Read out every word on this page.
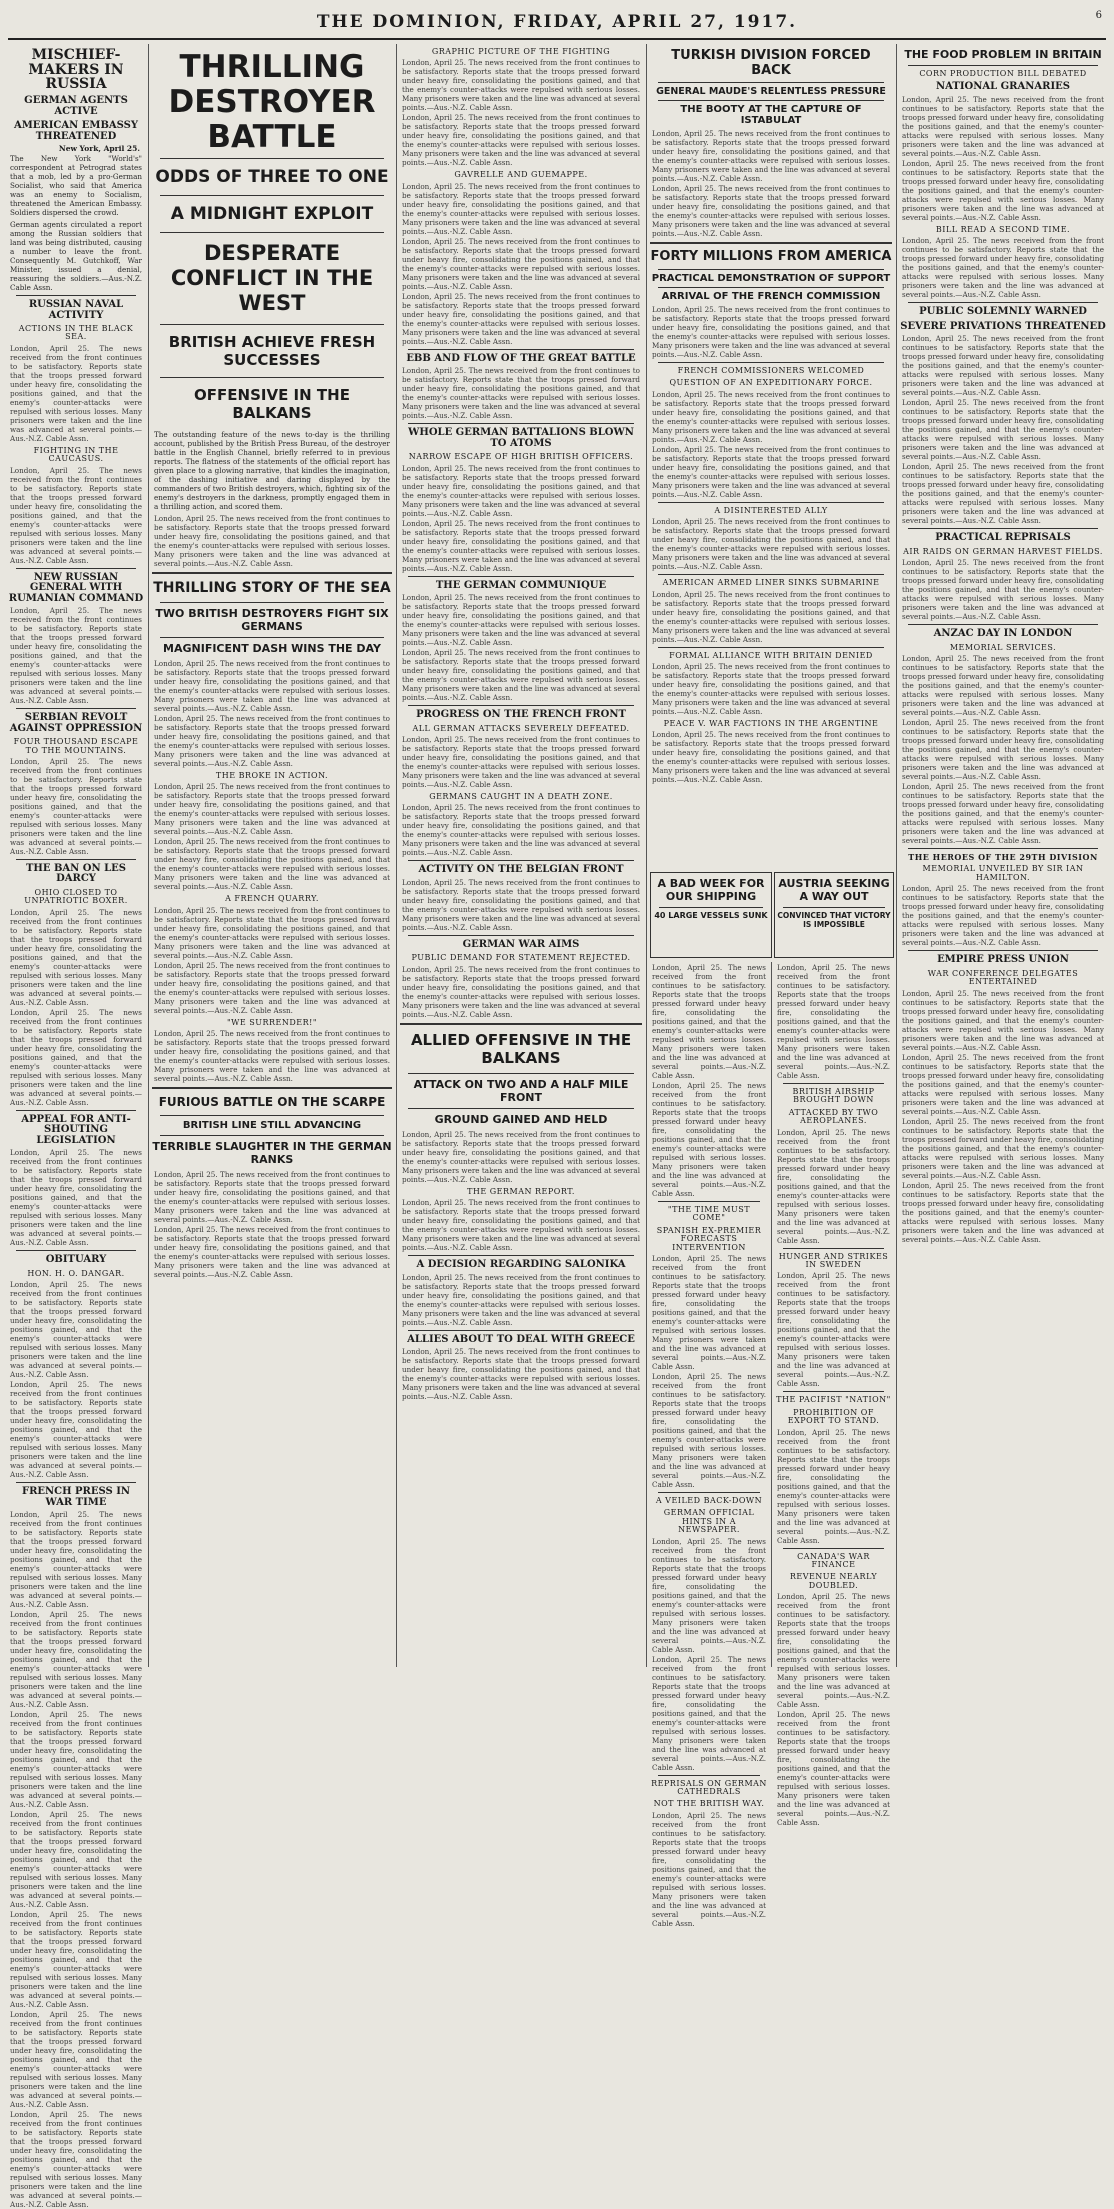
THE DOMINION, FRIDAY, APRIL 27, 1917.	6
MISCHIEF-MAKERS IN RUSSIA
GERMAN AGENTS ACTIVE
AMERICAN EMBASSY THREATENED
New York, April 25.
The New York "World's" correspondent at Petrograd states that a mob, led by a pro-German Socialist, who said that America was an enemy to Socialism, threatened the American Embassy. Soldiers dispersed the crowd.
German agents circulated a report among the Russian soldiers that land was being distributed, causing a number to leave the front. Consequently M. Gutchkoff, War Minister, issued a denial, reassuring the soldiers.—Aus.-N.Z. Cable Assn.
RUSSIAN NAVAL ACTIVITY
ACTIONS IN THE BLACK SEA.
London, April 25. The news received from the front continues to be satisfactory. Reports state that the troops pressed forward under heavy fire, consolidating the positions gained, and that the enemy's counter-attacks were repulsed with serious losses. Many prisoners were taken and the line was advanced at several points.—Aus.-N.Z. Cable Assn.
FIGHTING IN THE CAUCASUS.
London, April 25. The news received from the front continues to be satisfactory. Reports state that the troops pressed forward under heavy fire, consolidating the positions gained, and that the enemy's counter-attacks were repulsed with serious losses. Many prisoners were taken and the line was advanced at several points.—Aus.-N.Z. Cable Assn.
NEW RUSSIAN GENERAL WITH RUMANIAN COMMAND
London, April 25. The news received from the front continues to be satisfactory. Reports state that the troops pressed forward under heavy fire, consolidating the positions gained, and that the enemy's counter-attacks were repulsed with serious losses. Many prisoners were taken and the line was advanced at several points.—Aus.-N.Z. Cable Assn.
SERBIAN REVOLT AGAINST OPPRESSION
FOUR THOUSAND ESCAPE TO THE MOUNTAINS.
London, April 25. The news received from the front continues to be satisfactory. Reports state that the troops pressed forward under heavy fire, consolidating the positions gained, and that the enemy's counter-attacks were repulsed with serious losses. Many prisoners were taken and the line was advanced at several points.—Aus.-N.Z. Cable Assn.
THE BAN ON LES DARCY
OHIO CLOSED TO UNPATRIOTIC BOXER.
London, April 25. The news received from the front continues to be satisfactory. Reports state that the troops pressed forward under heavy fire, consolidating the positions gained, and that the enemy's counter-attacks were repulsed with serious losses. Many prisoners were taken and the line was advanced at several points.—Aus.-N.Z. Cable Assn.
London, April 25. The news received from the front continues to be satisfactory. Reports state that the troops pressed forward under heavy fire, consolidating the positions gained, and that the enemy's counter-attacks were repulsed with serious losses. Many prisoners were taken and the line was advanced at several points.—Aus.-N.Z. Cable Assn.
APPEAL FOR ANTI-SHOUTING LEGISLATION
London, April 25. The news received from the front continues to be satisfactory. Reports state that the troops pressed forward under heavy fire, consolidating the positions gained, and that the enemy's counter-attacks were repulsed with serious losses. Many prisoners were taken and the line was advanced at several points.—Aus.-N.Z. Cable Assn.
OBITUARY
HON. H. O. DANGAR.
London, April 25. The news received from the front continues to be satisfactory. Reports state that the troops pressed forward under heavy fire, consolidating the positions gained, and that the enemy's counter-attacks were repulsed with serious losses. Many prisoners were taken and the line was advanced at several points.—Aus.-N.Z. Cable Assn.
London, April 25. The news received from the front continues to be satisfactory. Reports state that the troops pressed forward under heavy fire, consolidating the positions gained, and that the enemy's counter-attacks were repulsed with serious losses. Many prisoners were taken and the line was advanced at several points.—Aus.-N.Z. Cable Assn.
FRENCH PRESS IN WAR TIME
London, April 25. The news received from the front continues to be satisfactory. Reports state that the troops pressed forward under heavy fire, consolidating the positions gained, and that the enemy's counter-attacks were repulsed with serious losses. Many prisoners were taken and the line was advanced at several points.—Aus.-N.Z. Cable Assn.
London, April 25. The news received from the front continues to be satisfactory. Reports state that the troops pressed forward under heavy fire, consolidating the positions gained, and that the enemy's counter-attacks were repulsed with serious losses. Many prisoners were taken and the line was advanced at several points.—Aus.-N.Z. Cable Assn.
London, April 25. The news received from the front continues to be satisfactory. Reports state that the troops pressed forward under heavy fire, consolidating the positions gained, and that the enemy's counter-attacks were repulsed with serious losses. Many prisoners were taken and the line was advanced at several points.—Aus.-N.Z. Cable Assn.
London, April 25. The news received from the front continues to be satisfactory. Reports state that the troops pressed forward under heavy fire, consolidating the positions gained, and that the enemy's counter-attacks were repulsed with serious losses. Many prisoners were taken and the line was advanced at several points.—Aus.-N.Z. Cable Assn.
London, April 25. The news received from the front continues to be satisfactory. Reports state that the troops pressed forward under heavy fire, consolidating the positions gained, and that the enemy's counter-attacks were repulsed with serious losses. Many prisoners were taken and the line was advanced at several points.—Aus.-N.Z. Cable Assn.
London, April 25. The news received from the front continues to be satisfactory. Reports state that the troops pressed forward under heavy fire, consolidating the positions gained, and that the enemy's counter-attacks were repulsed with serious losses. Many prisoners were taken and the line was advanced at several points.—Aus.-N.Z. Cable Assn.
London, April 25. The news received from the front continues to be satisfactory. Reports state that the troops pressed forward under heavy fire, consolidating the positions gained, and that the enemy's counter-attacks were repulsed with serious losses. Many prisoners were taken and the line was advanced at several points.—Aus.-N.Z. Cable Assn.
THRILLING DESTROYER BATTLE
ODDS OF THREE TO ONE
A MIDNIGHT EXPLOIT
DESPERATE CONFLICT IN THE WEST
BRITISH ACHIEVE FRESH SUCCESSES
OFFENSIVE IN THE BALKANS
The outstanding feature of the news to-day is the thrilling account, published by the British Press Bureau, of the destroyer battle in the English Channel, briefly referred to in previous reports. The flatness of the statements of the official report has given place to a glowing narrative, that kindles the imagination, of the dashing initiative and daring displayed by the commanders of two British destroyers, which, fighting six of the enemy's destroyers in the darkness, promptly engaged them in a thrilling action, and scored them.
London, April 25. The news received from the front continues to be satisfactory. Reports state that the troops pressed forward under heavy fire, consolidating the positions gained, and that the enemy's counter-attacks were repulsed with serious losses. Many prisoners were taken and the line was advanced at several points.—Aus.-N.Z. Cable Assn.
THRILLING STORY OF THE SEA
TWO BRITISH DESTROYERS FIGHT SIX GERMANS
MAGNIFICENT DASH WINS THE DAY
London, April 25. The news received from the front continues to be satisfactory. Reports state that the troops pressed forward under heavy fire, consolidating the positions gained, and that the enemy's counter-attacks were repulsed with serious losses. Many prisoners were taken and the line was advanced at several points.—Aus.-N.Z. Cable Assn.
London, April 25. The news received from the front continues to be satisfactory. Reports state that the troops pressed forward under heavy fire, consolidating the positions gained, and that the enemy's counter-attacks were repulsed with serious losses. Many prisoners were taken and the line was advanced at several points.—Aus.-N.Z. Cable Assn.
THE BROKE IN ACTION.
London, April 25. The news received from the front continues to be satisfactory. Reports state that the troops pressed forward under heavy fire, consolidating the positions gained, and that the enemy's counter-attacks were repulsed with serious losses. Many prisoners were taken and the line was advanced at several points.—Aus.-N.Z. Cable Assn.
London, April 25. The news received from the front continues to be satisfactory. Reports state that the troops pressed forward under heavy fire, consolidating the positions gained, and that the enemy's counter-attacks were repulsed with serious losses. Many prisoners were taken and the line was advanced at several points.—Aus.-N.Z. Cable Assn.
A FRENCH QUARRY.
London, April 25. The news received from the front continues to be satisfactory. Reports state that the troops pressed forward under heavy fire, consolidating the positions gained, and that the enemy's counter-attacks were repulsed with serious losses. Many prisoners were taken and the line was advanced at several points.—Aus.-N.Z. Cable Assn.
London, April 25. The news received from the front continues to be satisfactory. Reports state that the troops pressed forward under heavy fire, consolidating the positions gained, and that the enemy's counter-attacks were repulsed with serious losses. Many prisoners were taken and the line was advanced at several points.—Aus.-N.Z. Cable Assn.
"WE SURRENDER!"
London, April 25. The news received from the front continues to be satisfactory. Reports state that the troops pressed forward under heavy fire, consolidating the positions gained, and that the enemy's counter-attacks were repulsed with serious losses. Many prisoners were taken and the line was advanced at several points.—Aus.-N.Z. Cable Assn.
FURIOUS BATTLE ON THE SCARPE
BRITISH LINE STILL ADVANCING
TERRIBLE SLAUGHTER IN THE GERMAN RANKS
London, April 25. The news received from the front continues to be satisfactory. Reports state that the troops pressed forward under heavy fire, consolidating the positions gained, and that the enemy's counter-attacks were repulsed with serious losses. Many prisoners were taken and the line was advanced at several points.—Aus.-N.Z. Cable Assn.
London, April 25. The news received from the front continues to be satisfactory. Reports state that the troops pressed forward under heavy fire, consolidating the positions gained, and that the enemy's counter-attacks were repulsed with serious losses. Many prisoners were taken and the line was advanced at several points.—Aus.-N.Z. Cable Assn.
GRAPHIC PICTURE OF THE FIGHTING
London, April 25. The news received from the front continues to be satisfactory. Reports state that the troops pressed forward under heavy fire, consolidating the positions gained, and that the enemy's counter-attacks were repulsed with serious losses. Many prisoners were taken and the line was advanced at several points.—Aus.-N.Z. Cable Assn.
London, April 25. The news received from the front continues to be satisfactory. Reports state that the troops pressed forward under heavy fire, consolidating the positions gained, and that the enemy's counter-attacks were repulsed with serious losses. Many prisoners were taken and the line was advanced at several points.—Aus.-N.Z. Cable Assn.
GAVRELLE AND GUEMAPPE.
London, April 25. The news received from the front continues to be satisfactory. Reports state that the troops pressed forward under heavy fire, consolidating the positions gained, and that the enemy's counter-attacks were repulsed with serious losses. Many prisoners were taken and the line was advanced at several points.—Aus.-N.Z. Cable Assn.
London, April 25. The news received from the front continues to be satisfactory. Reports state that the troops pressed forward under heavy fire, consolidating the positions gained, and that the enemy's counter-attacks were repulsed with serious losses. Many prisoners were taken and the line was advanced at several points.—Aus.-N.Z. Cable Assn.
London, April 25. The news received from the front continues to be satisfactory. Reports state that the troops pressed forward under heavy fire, consolidating the positions gained, and that the enemy's counter-attacks were repulsed with serious losses. Many prisoners were taken and the line was advanced at several points.—Aus.-N.Z. Cable Assn.
EBB AND FLOW OF THE GREAT BATTLE
London, April 25. The news received from the front continues to be satisfactory. Reports state that the troops pressed forward under heavy fire, consolidating the positions gained, and that the enemy's counter-attacks were repulsed with serious losses. Many prisoners were taken and the line was advanced at several points.—Aus.-N.Z. Cable Assn.
WHOLE GERMAN BATTALIONS BLOWN TO ATOMS
NARROW ESCAPE OF HIGH BRITISH OFFICERS.
London, April 25. The news received from the front continues to be satisfactory. Reports state that the troops pressed forward under heavy fire, consolidating the positions gained, and that the enemy's counter-attacks were repulsed with serious losses. Many prisoners were taken and the line was advanced at several points.—Aus.-N.Z. Cable Assn.
London, April 25. The news received from the front continues to be satisfactory. Reports state that the troops pressed forward under heavy fire, consolidating the positions gained, and that the enemy's counter-attacks were repulsed with serious losses. Many prisoners were taken and the line was advanced at several points.—Aus.-N.Z. Cable Assn.
THE GERMAN COMMUNIQUE
London, April 25. The news received from the front continues to be satisfactory. Reports state that the troops pressed forward under heavy fire, consolidating the positions gained, and that the enemy's counter-attacks were repulsed with serious losses. Many prisoners were taken and the line was advanced at several points.—Aus.-N.Z. Cable Assn.
London, April 25. The news received from the front continues to be satisfactory. Reports state that the troops pressed forward under heavy fire, consolidating the positions gained, and that the enemy's counter-attacks were repulsed with serious losses. Many prisoners were taken and the line was advanced at several points.—Aus.-N.Z. Cable Assn.
PROGRESS ON THE FRENCH FRONT
ALL GERMAN ATTACKS SEVERELY DEFEATED.
London, April 25. The news received from the front continues to be satisfactory. Reports state that the troops pressed forward under heavy fire, consolidating the positions gained, and that the enemy's counter-attacks were repulsed with serious losses. Many prisoners were taken and the line was advanced at several points.—Aus.-N.Z. Cable Assn.
GERMANS CAUGHT IN A DEATH ZONE.
London, April 25. The news received from the front continues to be satisfactory. Reports state that the troops pressed forward under heavy fire, consolidating the positions gained, and that the enemy's counter-attacks were repulsed with serious losses. Many prisoners were taken and the line was advanced at several points.—Aus.-N.Z. Cable Assn.
ACTIVITY ON THE BELGIAN FRONT
London, April 25. The news received from the front continues to be satisfactory. Reports state that the troops pressed forward under heavy fire, consolidating the positions gained, and that the enemy's counter-attacks were repulsed with serious losses. Many prisoners were taken and the line was advanced at several points.—Aus.-N.Z. Cable Assn.
GERMAN WAR AIMS
PUBLIC DEMAND FOR STATEMENT REJECTED.
London, April 25. The news received from the front continues to be satisfactory. Reports state that the troops pressed forward under heavy fire, consolidating the positions gained, and that the enemy's counter-attacks were repulsed with serious losses. Many prisoners were taken and the line was advanced at several points.—Aus.-N.Z. Cable Assn.
ALLIED OFFENSIVE IN THE BALKANS
ATTACK ON TWO AND A HALF MILE FRONT
GROUND GAINED AND HELD
London, April 25. The news received from the front continues to be satisfactory. Reports state that the troops pressed forward under heavy fire, consolidating the positions gained, and that the enemy's counter-attacks were repulsed with serious losses. Many prisoners were taken and the line was advanced at several points.—Aus.-N.Z. Cable Assn.
THE GERMAN REPORT.
London, April 25. The news received from the front continues to be satisfactory. Reports state that the troops pressed forward under heavy fire, consolidating the positions gained, and that the enemy's counter-attacks were repulsed with serious losses. Many prisoners were taken and the line was advanced at several points.—Aus.-N.Z. Cable Assn.
A DECISION REGARDING SALONIKA
London, April 25. The news received from the front continues to be satisfactory. Reports state that the troops pressed forward under heavy fire, consolidating the positions gained, and that the enemy's counter-attacks were repulsed with serious losses. Many prisoners were taken and the line was advanced at several points.—Aus.-N.Z. Cable Assn.
ALLIES ABOUT TO DEAL WITH GREECE
London, April 25. The news received from the front continues to be satisfactory. Reports state that the troops pressed forward under heavy fire, consolidating the positions gained, and that the enemy's counter-attacks were repulsed with serious losses. Many prisoners were taken and the line was advanced at several points.—Aus.-N.Z. Cable Assn.
TURKISH DIVISION FORCED BACK
GENERAL MAUDE'S RELENTLESS PRESSURE
THE BOOTY AT THE CAPTURE OF ISTABULAT
London, April 25. The news received from the front continues to be satisfactory. Reports state that the troops pressed forward under heavy fire, consolidating the positions gained, and that the enemy's counter-attacks were repulsed with serious losses. Many prisoners were taken and the line was advanced at several points.—Aus.-N.Z. Cable Assn.
London, April 25. The news received from the front continues to be satisfactory. Reports state that the troops pressed forward under heavy fire, consolidating the positions gained, and that the enemy's counter-attacks were repulsed with serious losses. Many prisoners were taken and the line was advanced at several points.—Aus.-N.Z. Cable Assn.
FORTY MILLIONS FROM AMERICA
PRACTICAL DEMONSTRATION OF SUPPORT
ARRIVAL OF THE FRENCH COMMISSION
London, April 25. The news received from the front continues to be satisfactory. Reports state that the troops pressed forward under heavy fire, consolidating the positions gained, and that the enemy's counter-attacks were repulsed with serious losses. Many prisoners were taken and the line was advanced at several points.—Aus.-N.Z. Cable Assn.
FRENCH COMMISSIONERS WELCOMED
QUESTION OF AN EXPEDITIONARY FORCE.
London, April 25. The news received from the front continues to be satisfactory. Reports state that the troops pressed forward under heavy fire, consolidating the positions gained, and that the enemy's counter-attacks were repulsed with serious losses. Many prisoners were taken and the line was advanced at several points.—Aus.-N.Z. Cable Assn.
London, April 25. The news received from the front continues to be satisfactory. Reports state that the troops pressed forward under heavy fire, consolidating the positions gained, and that the enemy's counter-attacks were repulsed with serious losses. Many prisoners were taken and the line was advanced at several points.—Aus.-N.Z. Cable Assn.
A DISINTERESTED ALLY
London, April 25. The news received from the front continues to be satisfactory. Reports state that the troops pressed forward under heavy fire, consolidating the positions gained, and that the enemy's counter-attacks were repulsed with serious losses. Many prisoners were taken and the line was advanced at several points.—Aus.-N.Z. Cable Assn.
AMERICAN ARMED LINER SINKS SUBMARINE
London, April 25. The news received from the front continues to be satisfactory. Reports state that the troops pressed forward under heavy fire, consolidating the positions gained, and that the enemy's counter-attacks were repulsed with serious losses. Many prisoners were taken and the line was advanced at several points.—Aus.-N.Z. Cable Assn.
FORMAL ALLIANCE WITH BRITAIN DENIED
London, April 25. The news received from the front continues to be satisfactory. Reports state that the troops pressed forward under heavy fire, consolidating the positions gained, and that the enemy's counter-attacks were repulsed with serious losses. Many prisoners were taken and the line was advanced at several points.—Aus.-N.Z. Cable Assn.
PEACE V. WAR FACTIONS IN THE ARGENTINE
London, April 25. The news received from the front continues to be satisfactory. Reports state that the troops pressed forward under heavy fire, consolidating the positions gained, and that the enemy's counter-attacks were repulsed with serious losses. Many prisoners were taken and the line was advanced at several points.—Aus.-N.Z. Cable Assn.
A BAD WEEK FOR OUR SHIPPING
40 LARGE VESSELS SUNK
AUSTRIA SEEKING A WAY OUT
CONVINCED THAT VICTORY IS IMPOSSIBLE
London, April 25. The news received from the front continues to be satisfactory. Reports state that the troops pressed forward under heavy fire, consolidating the positions gained, and that the enemy's counter-attacks were repulsed with serious losses. Many prisoners were taken and the line was advanced at several points.—Aus.-N.Z. Cable Assn.
London, April 25. The news received from the front continues to be satisfactory. Reports state that the troops pressed forward under heavy fire, consolidating the positions gained, and that the enemy's counter-attacks were repulsed with serious losses. Many prisoners were taken and the line was advanced at several points.—Aus.-N.Z. Cable Assn.
"THE TIME MUST COME"
SPANISH EX-PREMIER FORECASTS INTERVENTION
London, April 25. The news received from the front continues to be satisfactory. Reports state that the troops pressed forward under heavy fire, consolidating the positions gained, and that the enemy's counter-attacks were repulsed with serious losses. Many prisoners were taken and the line was advanced at several points.—Aus.-N.Z. Cable Assn.
London, April 25. The news received from the front continues to be satisfactory. Reports state that the troops pressed forward under heavy fire, consolidating the positions gained, and that the enemy's counter-attacks were repulsed with serious losses. Many prisoners were taken and the line was advanced at several points.—Aus.-N.Z. Cable Assn.
A VEILED BACK-DOWN
GERMAN OFFICIAL HINTS IN A NEWSPAPER.
London, April 25. The news received from the front continues to be satisfactory. Reports state that the troops pressed forward under heavy fire, consolidating the positions gained, and that the enemy's counter-attacks were repulsed with serious losses. Many prisoners were taken and the line was advanced at several points.—Aus.-N.Z. Cable Assn.
London, April 25. The news received from the front continues to be satisfactory. Reports state that the troops pressed forward under heavy fire, consolidating the positions gained, and that the enemy's counter-attacks were repulsed with serious losses. Many prisoners were taken and the line was advanced at several points.—Aus.-N.Z. Cable Assn.
REPRISALS ON GERMAN CATHEDRALS
NOT THE BRITISH WAY.
London, April 25. The news received from the front continues to be satisfactory. Reports state that the troops pressed forward under heavy fire, consolidating the positions gained, and that the enemy's counter-attacks were repulsed with serious losses. Many prisoners were taken and the line was advanced at several points.—Aus.-N.Z. Cable Assn.
London, April 25. The news received from the front continues to be satisfactory. Reports state that the troops pressed forward under heavy fire, consolidating the positions gained, and that the enemy's counter-attacks were repulsed with serious losses. Many prisoners were taken and the line was advanced at several points.—Aus.-N.Z. Cable Assn.
BRITISH AIRSHIP BROUGHT DOWN
ATTACKED BY TWO AEROPLANES.
London, April 25. The news received from the front continues to be satisfactory. Reports state that the troops pressed forward under heavy fire, consolidating the positions gained, and that the enemy's counter-attacks were repulsed with serious losses. Many prisoners were taken and the line was advanced at several points.—Aus.-N.Z. Cable Assn.
HUNGER AND STRIKES IN SWEDEN
London, April 25. The news received from the front continues to be satisfactory. Reports state that the troops pressed forward under heavy fire, consolidating the positions gained, and that the enemy's counter-attacks were repulsed with serious losses. Many prisoners were taken and the line was advanced at several points.—Aus.-N.Z. Cable Assn.
THE PACIFIST "NATION"
PROHIBITION OF EXPORT TO STAND.
London, April 25. The news received from the front continues to be satisfactory. Reports state that the troops pressed forward under heavy fire, consolidating the positions gained, and that the enemy's counter-attacks were repulsed with serious losses. Many prisoners were taken and the line was advanced at several points.—Aus.-N.Z. Cable Assn.
CANADA'S WAR FINANCE
REVENUE NEARLY DOUBLED.
London, April 25. The news received from the front continues to be satisfactory. Reports state that the troops pressed forward under heavy fire, consolidating the positions gained, and that the enemy's counter-attacks were repulsed with serious losses. Many prisoners were taken and the line was advanced at several points.—Aus.-N.Z. Cable Assn.
London, April 25. The news received from the front continues to be satisfactory. Reports state that the troops pressed forward under heavy fire, consolidating the positions gained, and that the enemy's counter-attacks were repulsed with serious losses. Many prisoners were taken and the line was advanced at several points.—Aus.-N.Z. Cable Assn.
THE FOOD PROBLEM IN BRITAIN
CORN PRODUCTION BILL DEBATED
NATIONAL GRANARIES
London, April 25. The news received from the front continues to be satisfactory. Reports state that the troops pressed forward under heavy fire, consolidating the positions gained, and that the enemy's counter-attacks were repulsed with serious losses. Many prisoners were taken and the line was advanced at several points.—Aus.-N.Z. Cable Assn.
London, April 25. The news received from the front continues to be satisfactory. Reports state that the troops pressed forward under heavy fire, consolidating the positions gained, and that the enemy's counter-attacks were repulsed with serious losses. Many prisoners were taken and the line was advanced at several points.—Aus.-N.Z. Cable Assn.
BILL READ A SECOND TIME.
London, April 25. The news received from the front continues to be satisfactory. Reports state that the troops pressed forward under heavy fire, consolidating the positions gained, and that the enemy's counter-attacks were repulsed with serious losses. Many prisoners were taken and the line was advanced at several points.—Aus.-N.Z. Cable Assn.
PUBLIC SOLEMNLY WARNED
SEVERE PRIVATIONS THREATENED
London, April 25. The news received from the front continues to be satisfactory. Reports state that the troops pressed forward under heavy fire, consolidating the positions gained, and that the enemy's counter-attacks were repulsed with serious losses. Many prisoners were taken and the line was advanced at several points.—Aus.-N.Z. Cable Assn.
London, April 25. The news received from the front continues to be satisfactory. Reports state that the troops pressed forward under heavy fire, consolidating the positions gained, and that the enemy's counter-attacks were repulsed with serious losses. Many prisoners were taken and the line was advanced at several points.—Aus.-N.Z. Cable Assn.
London, April 25. The news received from the front continues to be satisfactory. Reports state that the troops pressed forward under heavy fire, consolidating the positions gained, and that the enemy's counter-attacks were repulsed with serious losses. Many prisoners were taken and the line was advanced at several points.—Aus.-N.Z. Cable Assn.
PRACTICAL REPRISALS
AIR RAIDS ON GERMAN HARVEST FIELDS.
London, April 25. The news received from the front continues to be satisfactory. Reports state that the troops pressed forward under heavy fire, consolidating the positions gained, and that the enemy's counter-attacks were repulsed with serious losses. Many prisoners were taken and the line was advanced at several points.—Aus.-N.Z. Cable Assn.
ANZAC DAY IN LONDON
MEMORIAL SERVICES.
London, April 25. The news received from the front continues to be satisfactory. Reports state that the troops pressed forward under heavy fire, consolidating the positions gained, and that the enemy's counter-attacks were repulsed with serious losses. Many prisoners were taken and the line was advanced at several points.—Aus.-N.Z. Cable Assn.
London, April 25. The news received from the front continues to be satisfactory. Reports state that the troops pressed forward under heavy fire, consolidating the positions gained, and that the enemy's counter-attacks were repulsed with serious losses. Many prisoners were taken and the line was advanced at several points.—Aus.-N.Z. Cable Assn.
London, April 25. The news received from the front continues to be satisfactory. Reports state that the troops pressed forward under heavy fire, consolidating the positions gained, and that the enemy's counter-attacks were repulsed with serious losses. Many prisoners were taken and the line was advanced at several points.—Aus.-N.Z. Cable Assn.
THE HEROES OF THE 29TH DIVISION
MEMORIAL UNVEILED BY SIR IAN HAMILTON.
London, April 25. The news received from the front continues to be satisfactory. Reports state that the troops pressed forward under heavy fire, consolidating the positions gained, and that the enemy's counter-attacks were repulsed with serious losses. Many prisoners were taken and the line was advanced at several points.—Aus.-N.Z. Cable Assn.
EMPIRE PRESS UNION
WAR CONFERENCE DELEGATES ENTERTAINED
London, April 25. The news received from the front continues to be satisfactory. Reports state that the troops pressed forward under heavy fire, consolidating the positions gained, and that the enemy's counter-attacks were repulsed with serious losses. Many prisoners were taken and the line was advanced at several points.—Aus.-N.Z. Cable Assn.
London, April 25. The news received from the front continues to be satisfactory. Reports state that the troops pressed forward under heavy fire, consolidating the positions gained, and that the enemy's counter-attacks were repulsed with serious losses. Many prisoners were taken and the line was advanced at several points.—Aus.-N.Z. Cable Assn.
London, April 25. The news received from the front continues to be satisfactory. Reports state that the troops pressed forward under heavy fire, consolidating the positions gained, and that the enemy's counter-attacks were repulsed with serious losses. Many prisoners were taken and the line was advanced at several points.—Aus.-N.Z. Cable Assn.
London, April 25. The news received from the front continues to be satisfactory. Reports state that the troops pressed forward under heavy fire, consolidating the positions gained, and that the enemy's counter-attacks were repulsed with serious losses. Many prisoners were taken and the line was advanced at several points.—Aus.-N.Z. Cable Assn.
